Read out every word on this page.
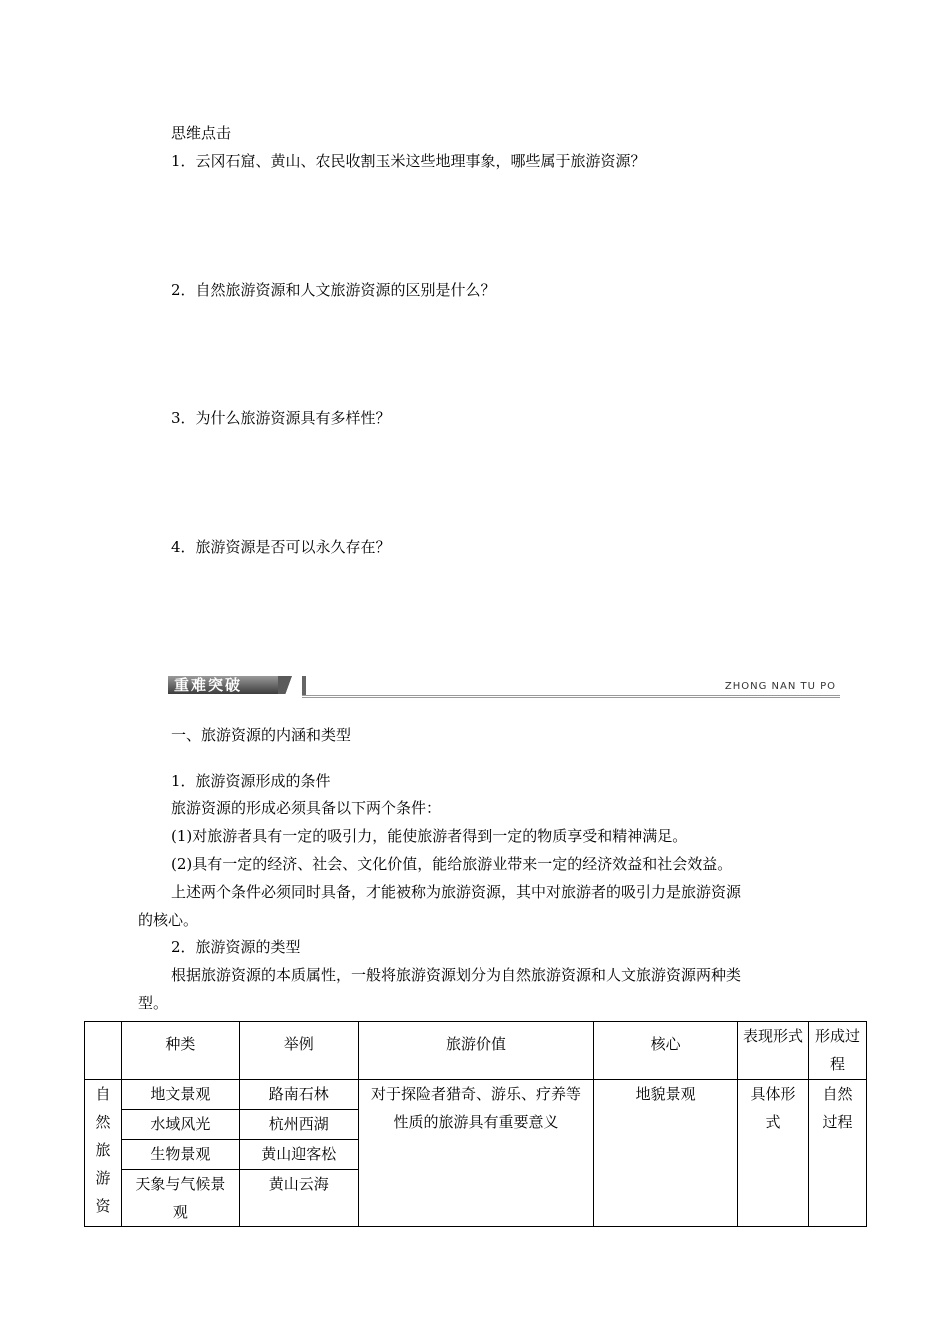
思维点击
1．云冈石窟、黄山、农民收割玉米这些地理事象，哪些属于旅游资源？
2．自然旅游资源和人文旅游资源的区别是什么？
3．为什么旅游资源具有多样性？
4．旅游资源是否可以永久存在？
重难突破	ZHONG NAN TU PO
一、旅游资源的内涵和类型
1．旅游资源形成的条件
旅游资源的形成必须具备以下两个条件：
(1)对旅游者具有一定的吸引力，能使旅游者得到一定的物质享受和精神满足。
(2)具有一定的经济、社会、文化价值，能给旅游业带来一定的经济效益和社会效益。
上述两个条件必须同时具备，才能被称为旅游资源，其中对旅游者的吸引力是旅游资源
的核心。
2．旅游资源的类型
根据旅游资源的本质属性，一般将旅游资源划分为自然旅游资源和人文旅游资源两种类
型。

	种类	举例	旅游价值	核心	表现形式	形成过程

自然旅游资	地文景观	路南石林	对于探险者猎奇、游乐、疗养等性质的旅游具有重要意义	地貌景观	具体形式	自然过程

	水域风光	杭州西湖				

	生物景观	黄山迎客松				

	天象与气候景观	黄山云海				
